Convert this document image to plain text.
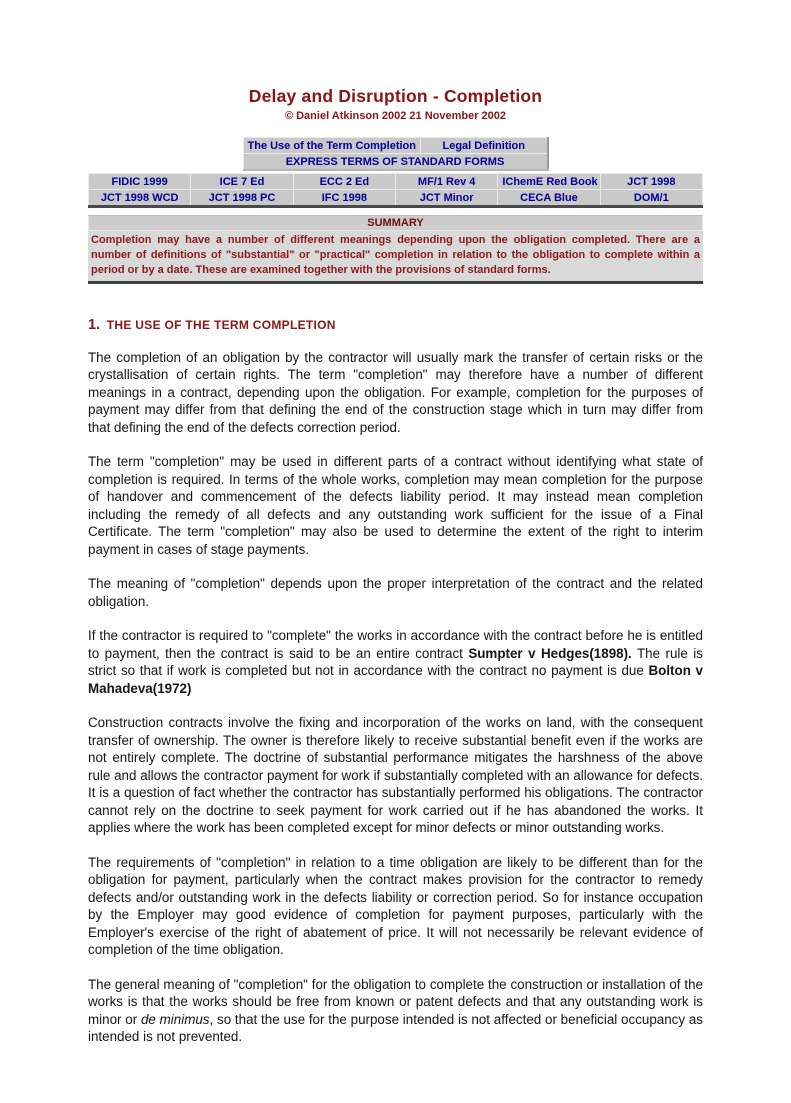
Delay and Disruption - Completion
© Daniel Atkinson 2002 21 November 2002
The Use of the Term Completion	Legal Definition
EXPRESS TERMS OF STANDARD FORMS
FIDIC 1999	ICE 7 Ed	ECC 2 Ed	MF/1 Rev 4	IChemE Red Book	JCT 1998
JCT 1998 WCD	JCT 1998 PC	IFC 1998	JCT Minor	CECA Blue	DOM/1
SUMMARY
Completion may have a number of different meanings depending upon the obligation completed. There are a number of definitions of "substantial" or "practical" completion in relation to the obligation to complete within a period or by a date. These are examined together with the provisions of standard forms.
1. THE USE OF THE TERM COMPLETION

The completion of an obligation by the contractor will usually mark the transfer of certain risks or the crystallisation of certain rights. The term "completion" may therefore have a number of different meanings in a contract, depending upon the obligation. For example, completion for the purposes of payment may differ from that defining the end of the construction stage which in turn may differ from that defining the end of the defects correction period.

The term "completion" may be used in different parts of a contract without identifying what state of completion is required. In terms of the whole works, completion may mean completion for the purpose of handover and commencement of the defects liability period. It may instead mean completion including the remedy of all defects and any outstanding work sufficient for the issue of a Final Certificate. The term "completion" may also be used to determine the extent of the right to interim payment in cases of stage payments.

The meaning of "completion" depends upon the proper interpretation of the contract and the related obligation.

If the contractor is required to "complete" the works in accordance with the contract before he is entitled to payment, then the contract is said to be an entire contract Sumpter v Hedges(1898). The rule is strict so that if work is completed but not in accordance with the contract no payment is due Bolton v Mahadeva(1972)

Construction contracts involve the fixing and incorporation of the works on land, with the consequent transfer of ownership. The owner is therefore likely to receive substantial benefit even if the works are not entirely complete. The doctrine of substantial performance mitigates the harshness of the above rule and allows the contractor payment for work if substantially completed with an allowance for defects. It is a question of fact whether the contractor has substantially performed his obligations. The contractor cannot rely on the doctrine to seek payment for work carried out if he has abandoned the works. It applies where the work has been completed except for minor defects or minor outstanding works.

The requirements of "completion" in relation to a time obligation are likely to be different than for the obligation for payment, particularly when the contract makes provision for the contractor to remedy defects and/or outstanding work in the defects liability or correction period. So for instance occupation by the Employer may good evidence of completion for payment purposes, particularly with the Employer's exercise of the right of abatement of price. It will not necessarily be relevant evidence of completion of the time obligation.

The general meaning of "completion" for the obligation to complete the construction or installation of the works is that the works should be free from known or patent defects and that any outstanding work is minor or de minimus, so that the use for the purpose intended is not affected or beneficial occupancy as intended is not prevented.
